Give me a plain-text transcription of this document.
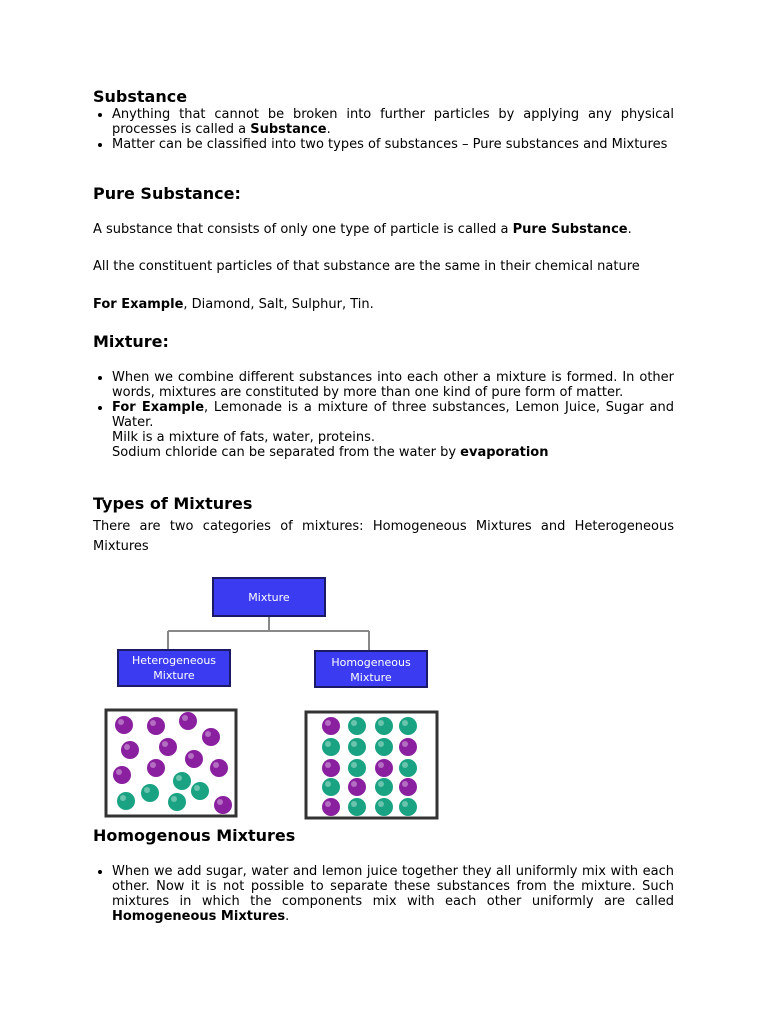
Substance
• Anything that cannot be broken into further particles by applying any physical processes is called a Substance.
• Matter can be classified into two types of substances – Pure substances and Mixtures
Pure Substance:

A substance that consists of only one type of particle is called a Pure Substance.

All the constituent particles of that substance are the same in their chemical nature

For Example, Diamond, Salt, Sulphur, Tin.

Mixture:
• When we combine different substances into each other a mixture is formed. In other words, mixtures are constituted by more than one kind of pure form of matter.
• For Example, Lemonade is a mixture of three substances, Lemon Juice, Sugar and Water.
Milk is a mixture of fats, water, proteins.
Sodium chloride can be separated from the water by evaporation
Types of Mixtures

There are two categories of mixtures: Homogeneous Mixtures and Heterogeneous Mixtures

Mixture
Heterogeneous
Mixture
Homogeneous
Mixture
Homogenous Mixtures
• When we add sugar, water and lemon juice together they all uniformly mix with each other. Now it is not possible to separate these substances from the mixture. Such mixtures in which the components mix with each other uniformly are called Homogeneous Mixtures.
